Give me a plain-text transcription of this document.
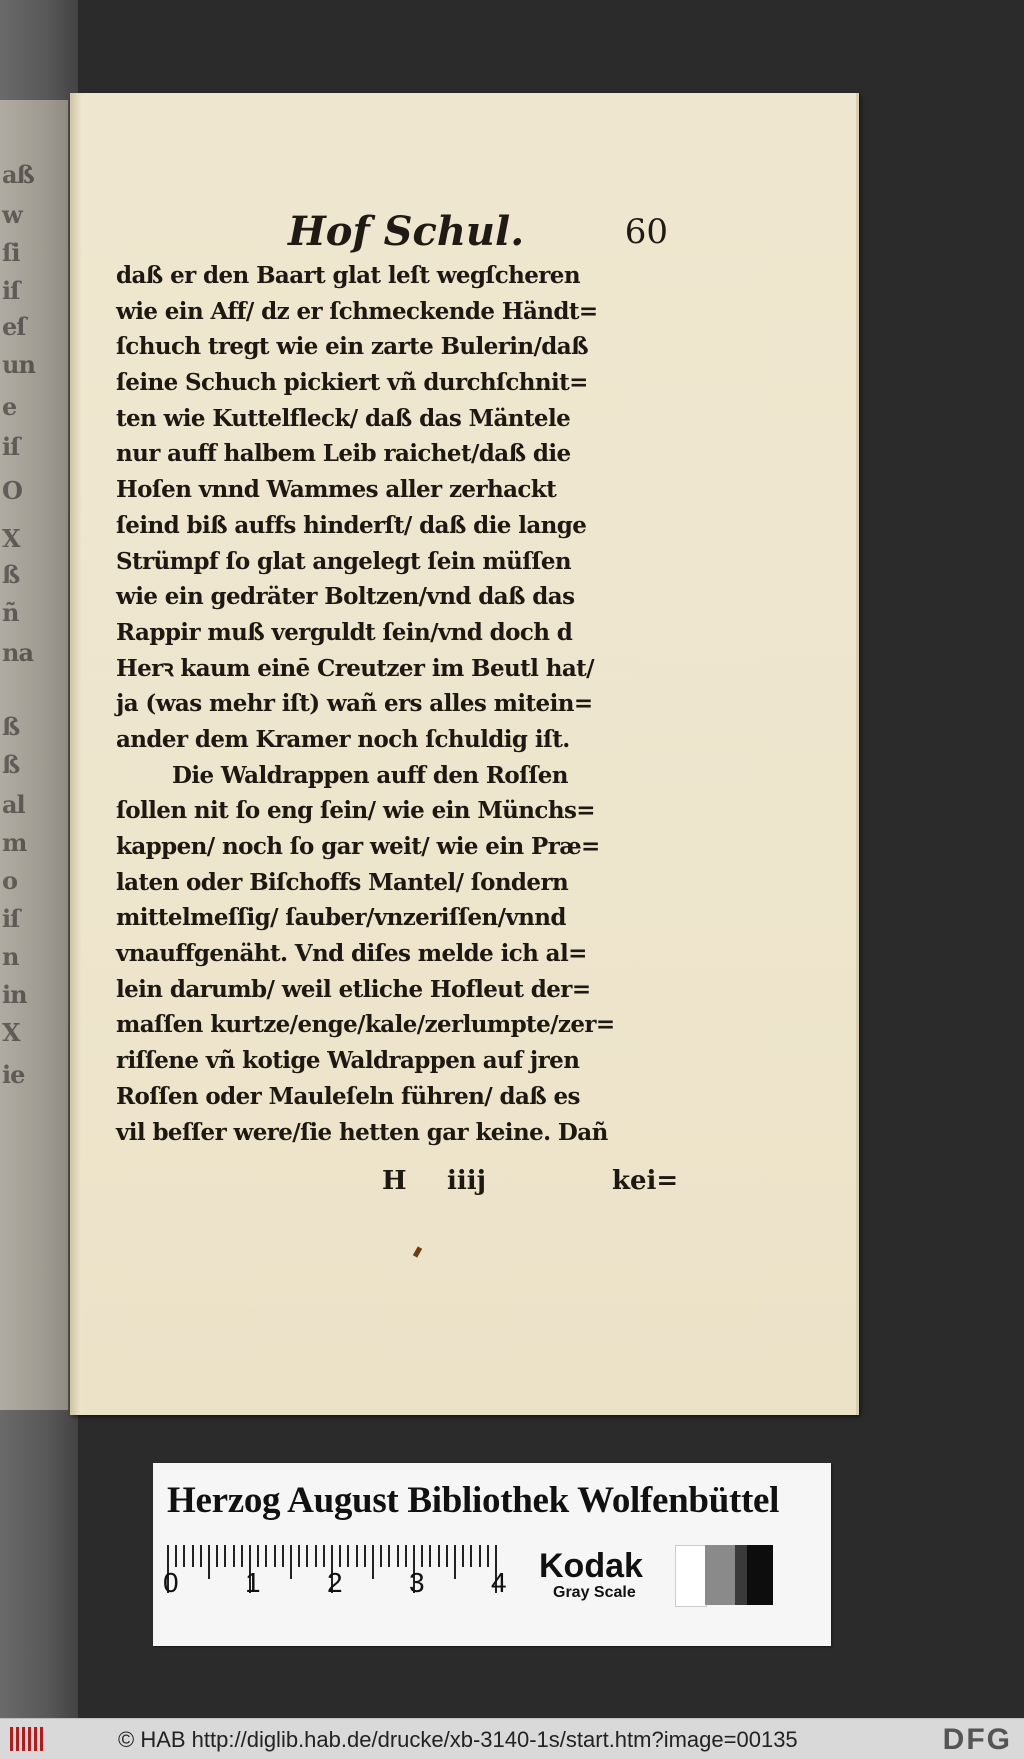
Hof Schul.	60
daß er den Baart glat leſt wegſcheren
wie ein Aff/ dz er ſchmeckende Händt=
ſchuch tregt wie ein zarte Bulerin/daß
ſeine Schuch pickiert vñ durchſchnit=
ten wie Kuttelfleck/ daß das Mäntele
nur auff halbem Leib raichet/daß die
Hoſen vnnd Wammes aller zerhackt
ſeind biß auffs hinderſt/ daß die lange
Strümpf ſo glat angelegt ſein müſſen
wie ein gedräter Boltzen/vnd daß das
Rappir muß verguldt ſein/vnd doch d
Herꝛ kaum einē Creutzer im Beutl hat/
ja (was mehr iſt) wañ ers alles mitein=
ander dem Kramer noch ſchuldig iſt.
Die Waldrappen auff den Roſſen
ſollen nit ſo eng ſein/ wie ein Münchs=
kappen/ noch ſo gar weit/ wie ein Præ=
laten oder Biſchoffs Mantel/ ſondern
mittelmeſſig/ ſauber/vnzeriſſen/vnnd
vnauffgenäht. Vnd diſes melde ich al=
lein darumb/ weil etliche Hofleut der=
maſſen kurtze/enge/kale/zerlumpte/zer=
riſſene vñ kotige Waldrappen auf jren
Roſſen oder Mauleſeln führen/ daß es
vil beſſer were/ſie hetten gar keine. Dañ
H iiij	kei=
Herzog August Bibliothek Wolfenbüttel
0 1 2 3 4 Kodak
Gray Scale
© HAB http://diglib.hab.de/drucke/xb-3140-1s/start.htm?image=00135	DFG
